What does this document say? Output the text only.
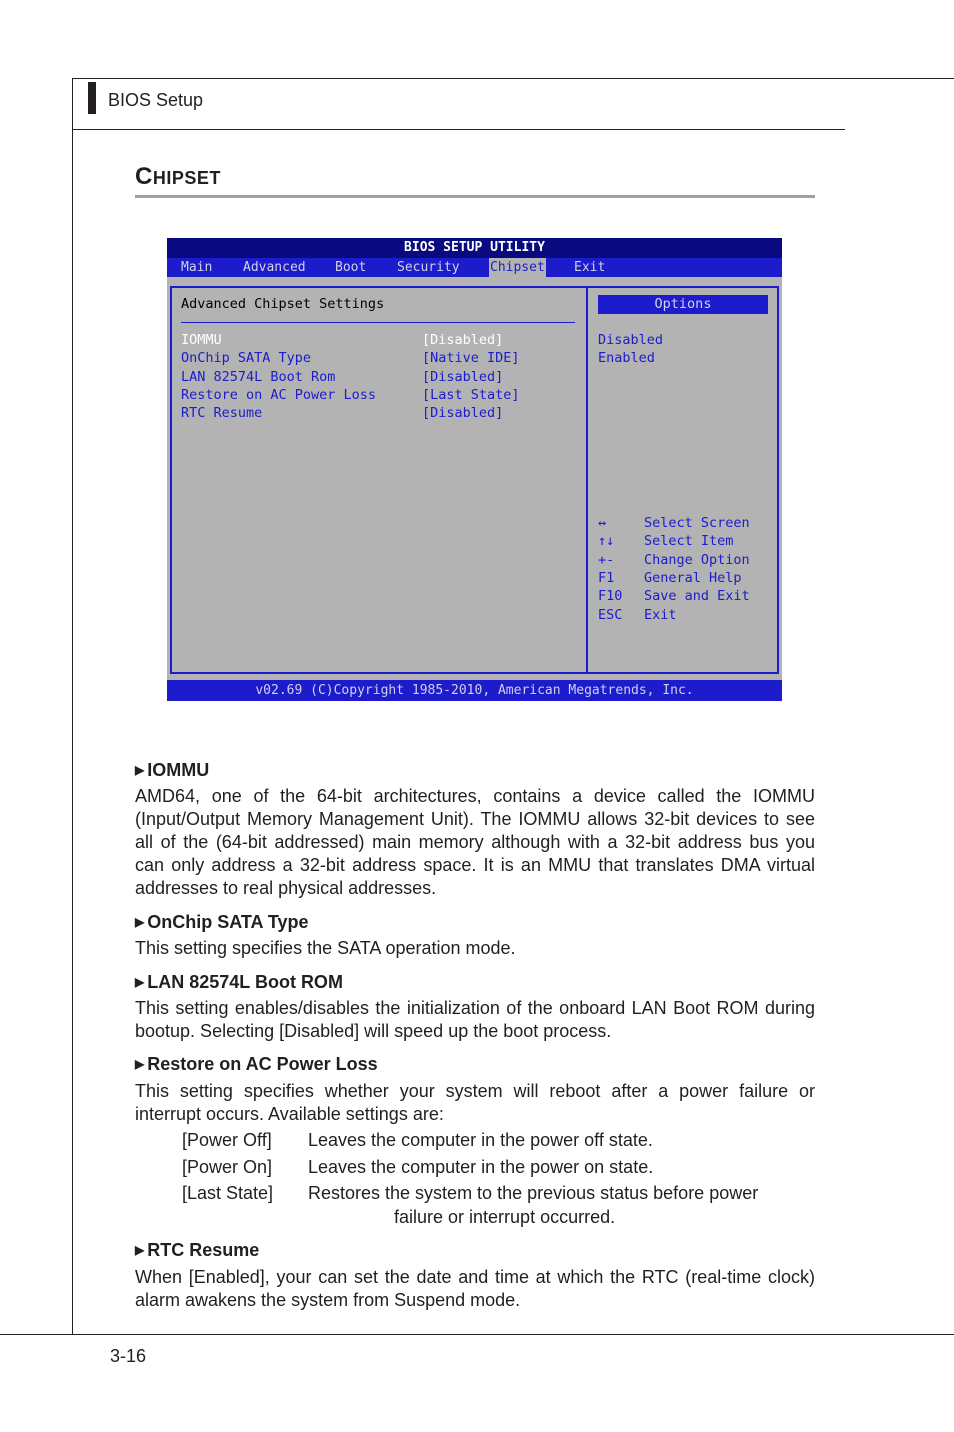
BIOS Setup
CHIPSET
BIOS SETUP UTILITY
Main Advanced Boot Security Chipset Exit
Advanced Chipset Settings
IOMMU
OnChip SATA Type
LAN 82574L Boot Rom
Restore on AC Power Loss
RTC Resume
[Disabled]
[Native IDE]
[Disabled]
[Last State]
[Disabled]
Options
Disabled
Enabled
↔	Select Screen
↑↓ Select Item
+- Change Option
F1 General Help
F10 Save and Exit
ESC Exit
v02.69 (C)Copyright 1985-2010, American Megatrends, Inc.
▶ IOMMU
AMD64, one of the 64-bit architectures, contains a device called the IOMMU (Input/Output Memory Management Unit). The IOMMU allows 32-bit devices to see all of the (64-bit addressed) main memory although with a 32-bit address bus you can only address a 32-bit address space. It is an MMU that translates DMA virtual addresses to real physical addresses.
▶ OnChip SATA Type
This setting specifies the SATA operation mode.
▶ LAN 82574L Boot ROM
This setting enables/disables the initialization of the onboard LAN Boot ROM during bootup. Selecting [Disabled] will speed up the boot process.
▶ Restore on AC Power Loss
This setting specifies whether your system will reboot after a power failure or interrupt occurs. Available settings are:
[Power Off] Leaves the computer in the power off state.
[Power On] Leaves the computer in the power on state.
[Last State] Restores the system to the previous status before power
failure or interrupt occurred.
▶ RTC Resume
When [Enabled], your can set the date and time at which the RTC (real-time clock) alarm awakens the system from Suspend mode.
3-16
